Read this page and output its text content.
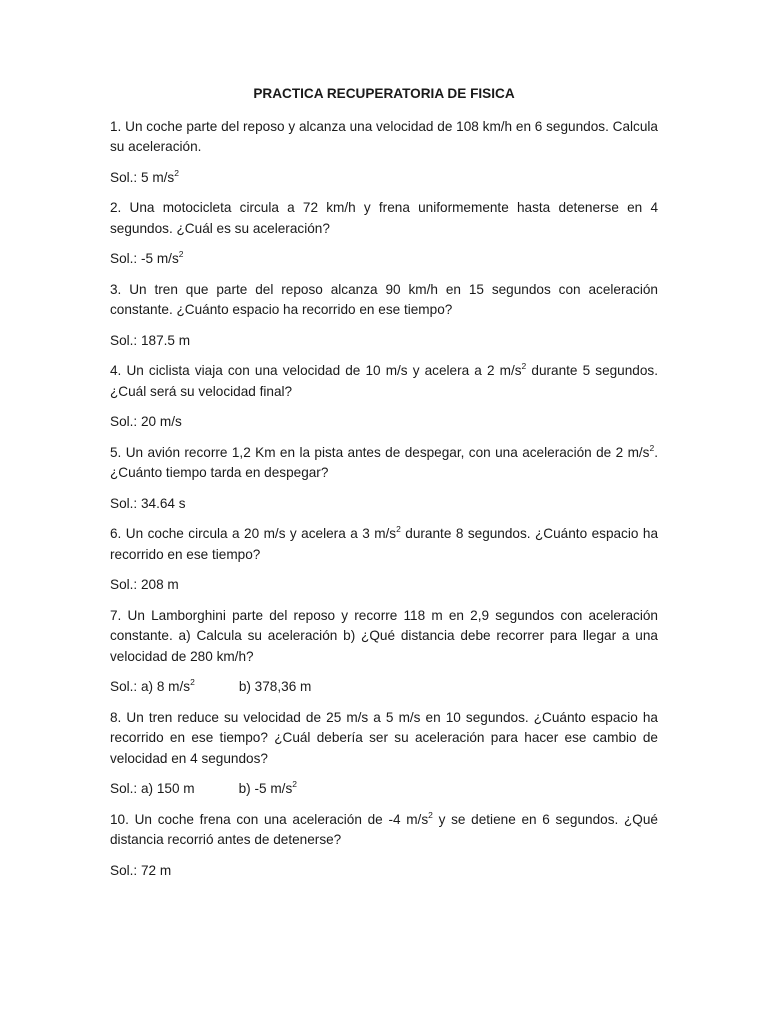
PRACTICA RECUPERATORIA DE FISICA

1. Un coche parte del reposo y alcanza una velocidad de 108 km/h en 6 segundos. Calcula su aceleración.

Sol.: 5 $m/s^2$

2. Una motocicleta circula a 72 km/h y frena uniformemente hasta detenerse en 4 segundos. ¿Cuál es su aceleración?

Sol.: -5 $m/s^2$

3. Un tren que parte del reposo alcanza 90 km/h en 15 segundos con aceleración constante. ¿Cuánto espacio ha recorrido en ese tiempo?

Sol.: 187.5 m

4. Un ciclista viaja con una velocidad de 10 m/s y acelera a 2 $m/s^2$ durante 5 segundos. ¿Cuál será su velocidad final?

Sol.: 20 m/s

5. Un avión recorre 1,2 Km en la pista antes de despegar, con una aceleración de 2 $m/s^2$. ¿Cuánto tiempo tarda en despegar?

Sol.: 34.64 s

6. Un coche circula a 20 m/s y acelera a 3 $m/s^2$ durante 8 segundos. ¿Cuánto espacio ha recorrido en ese tiempo?

Sol.: 208 m

7. Un Lamborghini parte del reposo y recorre 118 m en 2,9 segundos con aceleración constante. a) Calcula su aceleración b) ¿Qué distancia debe recorrer para llegar a una velocidad de 280 km/h?

Sol.: a) 8 $m/s^2$	b) 378,36 m

8. Un tren reduce su velocidad de 25 m/s a 5 m/s en 10 segundos. ¿Cuánto espacio ha recorrido en ese tiempo? ¿Cuál debería ser su aceleración para hacer ese cambio de velocidad en 4 segundos?

Sol.: a) 150 m	b) -5 $m/s^2$

10. Un coche frena con una aceleración de -4 $m/s^2$ y se detiene en 6 segundos. ¿Qué distancia recorrió antes de detenerse?

Sol.: 72 m
